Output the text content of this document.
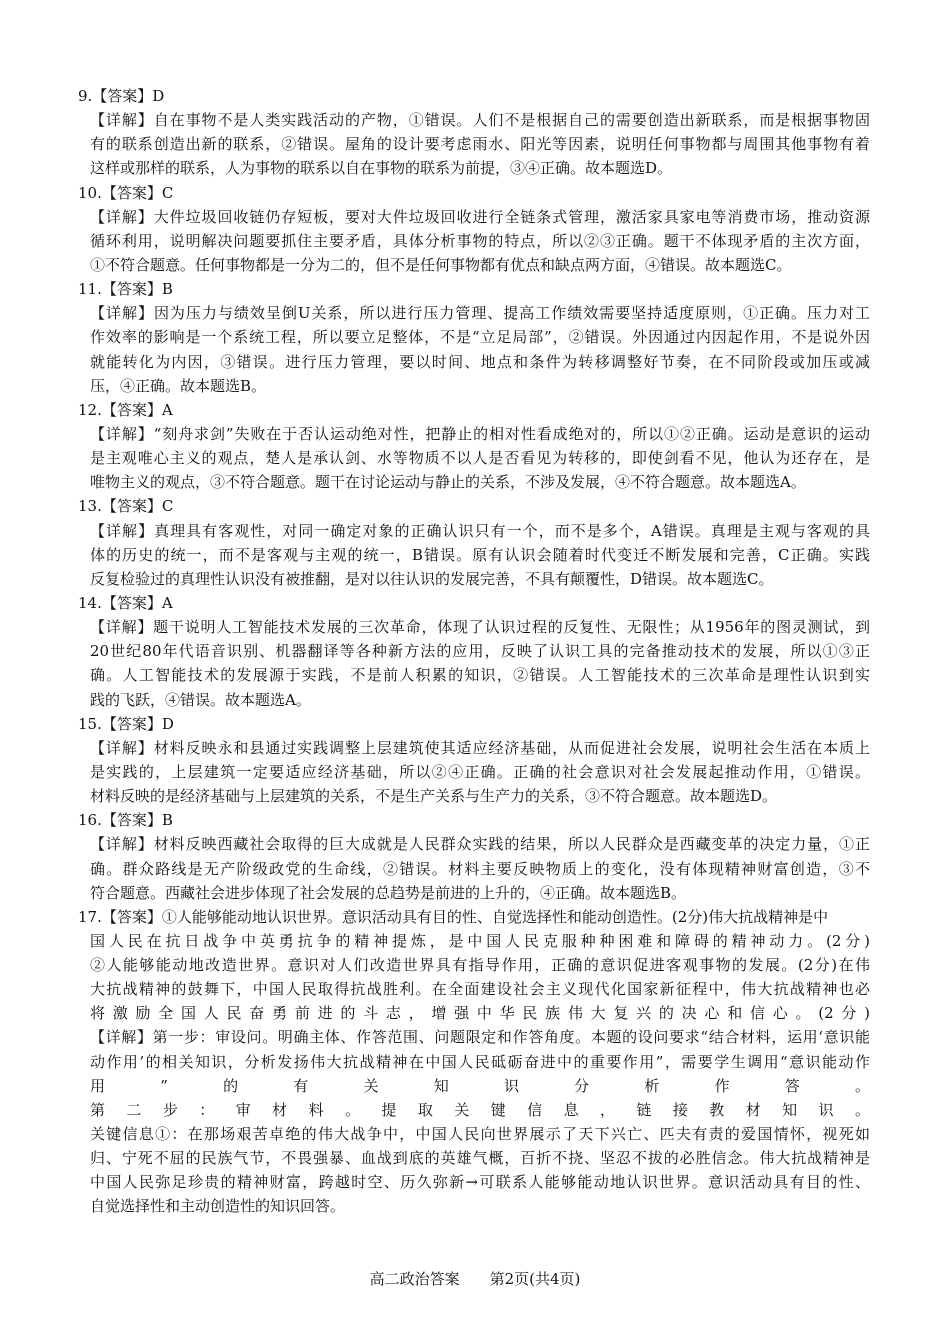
9.【答案】D
【详解】自在事物不是人类实践活动的产物，①错误。人们不是根据自己的需要创造出新联系，而是根据事物固
有的联系创造出新的联系，②错误。屋角的设计要考虑雨水、阳光等因素，说明任何事物都与周围其他事物有着
这样或那样的联系，人为事物的联系以自在事物的联系为前提，③④正确。故本题选D。
10.【答案】C
【详解】大件垃圾回收链仍存短板，要对大件垃圾回收进行全链条式管理，激活家具家电等消费市场，推动资源
循环利用，说明解决问题要抓住主要矛盾，具体分析事物的特点，所以②③正确。题干不体现矛盾的主次方面，
①不符合题意。任何事物都是一分为二的，但不是任何事物都有优点和缺点两方面，④错误。故本题选C。
11.【答案】B
【详解】因为压力与绩效呈倒U关系，所以进行压力管理、提高工作绩效需要坚持适度原则，①正确。压力对工
作效率的影响是一个系统工程，所以要立足整体，不是“立足局部”，②错误。外因通过内因起作用，不是说外因
就能转化为内因，③错误。进行压力管理，要以时间、地点和条件为转移调整好节奏，在不同阶段或加压或减
压，④正确。故本题选B。
12.【答案】A
【详解】“刻舟求剑”失败在于否认运动绝对性，把静止的相对性看成绝对的，所以①②正确。运动是意识的运动
是主观唯心主义的观点，楚人是承认剑、水等物质不以人是否看见为转移的，即使剑看不见，他认为还存在，是
唯物主义的观点，③不符合题意。题干在讨论运动与静止的关系，不涉及发展，④不符合题意。故本题选A。
13.【答案】C
【详解】真理具有客观性，对同一确定对象的正确认识只有一个，而不是多个，A错误。真理是主观与客观的具
体的历史的统一，而不是客观与主观的统一，B错误。原有认识会随着时代变迁不断发展和完善，C正确。实践
反复检验过的真理性认识没有被推翻，是对以往认识的发展完善，不具有颠覆性，D错误。故本题选C。
14.【答案】A
【详解】题干说明人工智能技术发展的三次革命，体现了认识过程的反复性、无限性；从1956年的图灵测试，到
20世纪80年代语音识别、机器翻译等各种新方法的应用，反映了认识工具的完备推动技术的发展，所以①③正
确。人工智能技术的发展源于实践，不是前人积累的知识，②错误。人工智能技术的三次革命是理性认识到实
践的飞跃，④错误。故本题选A。
15.【答案】D
【详解】材料反映永和县通过实践调整上层建筑使其适应经济基础，从而促进社会发展，说明社会生活在本质上
是实践的，上层建筑一定要适应经济基础，所以②④正确。正确的社会意识对社会发展起推动作用，①错误。
材料反映的是经济基础与上层建筑的关系，不是生产关系与生产力的关系，③不符合题意。故本题选D。
16.【答案】B
【详解】材料反映西藏社会取得的巨大成就是人民群众实践的结果，所以人民群众是西藏变革的决定力量，①正
确。群众路线是无产阶级政党的生命线，②错误。材料主要反映物质上的变化，没有体现精神财富创造，③不
符合题意。西藏社会进步体现了社会发展的总趋势是前进的上升的，④正确。故本题选B。
17.【答案】①人能够能动地认识世界。意识活动具有目的性、自觉选择性和能动创造性。(2分)伟大抗战精神是中
国人民在抗日战争中英勇抗争的精神提炼，是中国人民克服种种困难和障碍的精神动力。(2分)
②人能够能动地改造世界。意识对人们改造世界具有指导作用，正确的意识促进客观事物的发展。(2分)在伟
大抗战精神的鼓舞下，中国人民取得抗战胜利。在全面建设社会主义现代化国家新征程中，伟大抗战精神也必
将激励全国人民奋勇前进的斗志，增强中华民族伟大复兴的决心和信心。(2分)
【详解】第一步：审设问。明确主体、作答范围、问题限定和作答角度。本题的设问要求“结合材料，运用‘意识能
动作用’的相关知识，分析发扬伟大抗战精神在中国人民砥砺奋进中的重要作用”，需要学生调用“意识能动作
用”的有关知识分析作答。
第二步：审材料。提取关键信息，链接教材知识。
关键信息①：在那场艰苦卓绝的伟大战争中，中国人民向世界展示了天下兴亡、匹夫有责的爱国情怀，视死如
归、宁死不屈的民族气节，不畏强暴、血战到底的英雄气概，百折不挠、坚忍不拔的必胜信念。伟大抗战精神是
中国人民弥足珍贵的精神财富，跨越时空、历久弥新→可联系人能够能动地认识世界。意识活动具有目的性、
自觉选择性和主动创造性的知识回答。
高二政治答案 第2页(共4页)
